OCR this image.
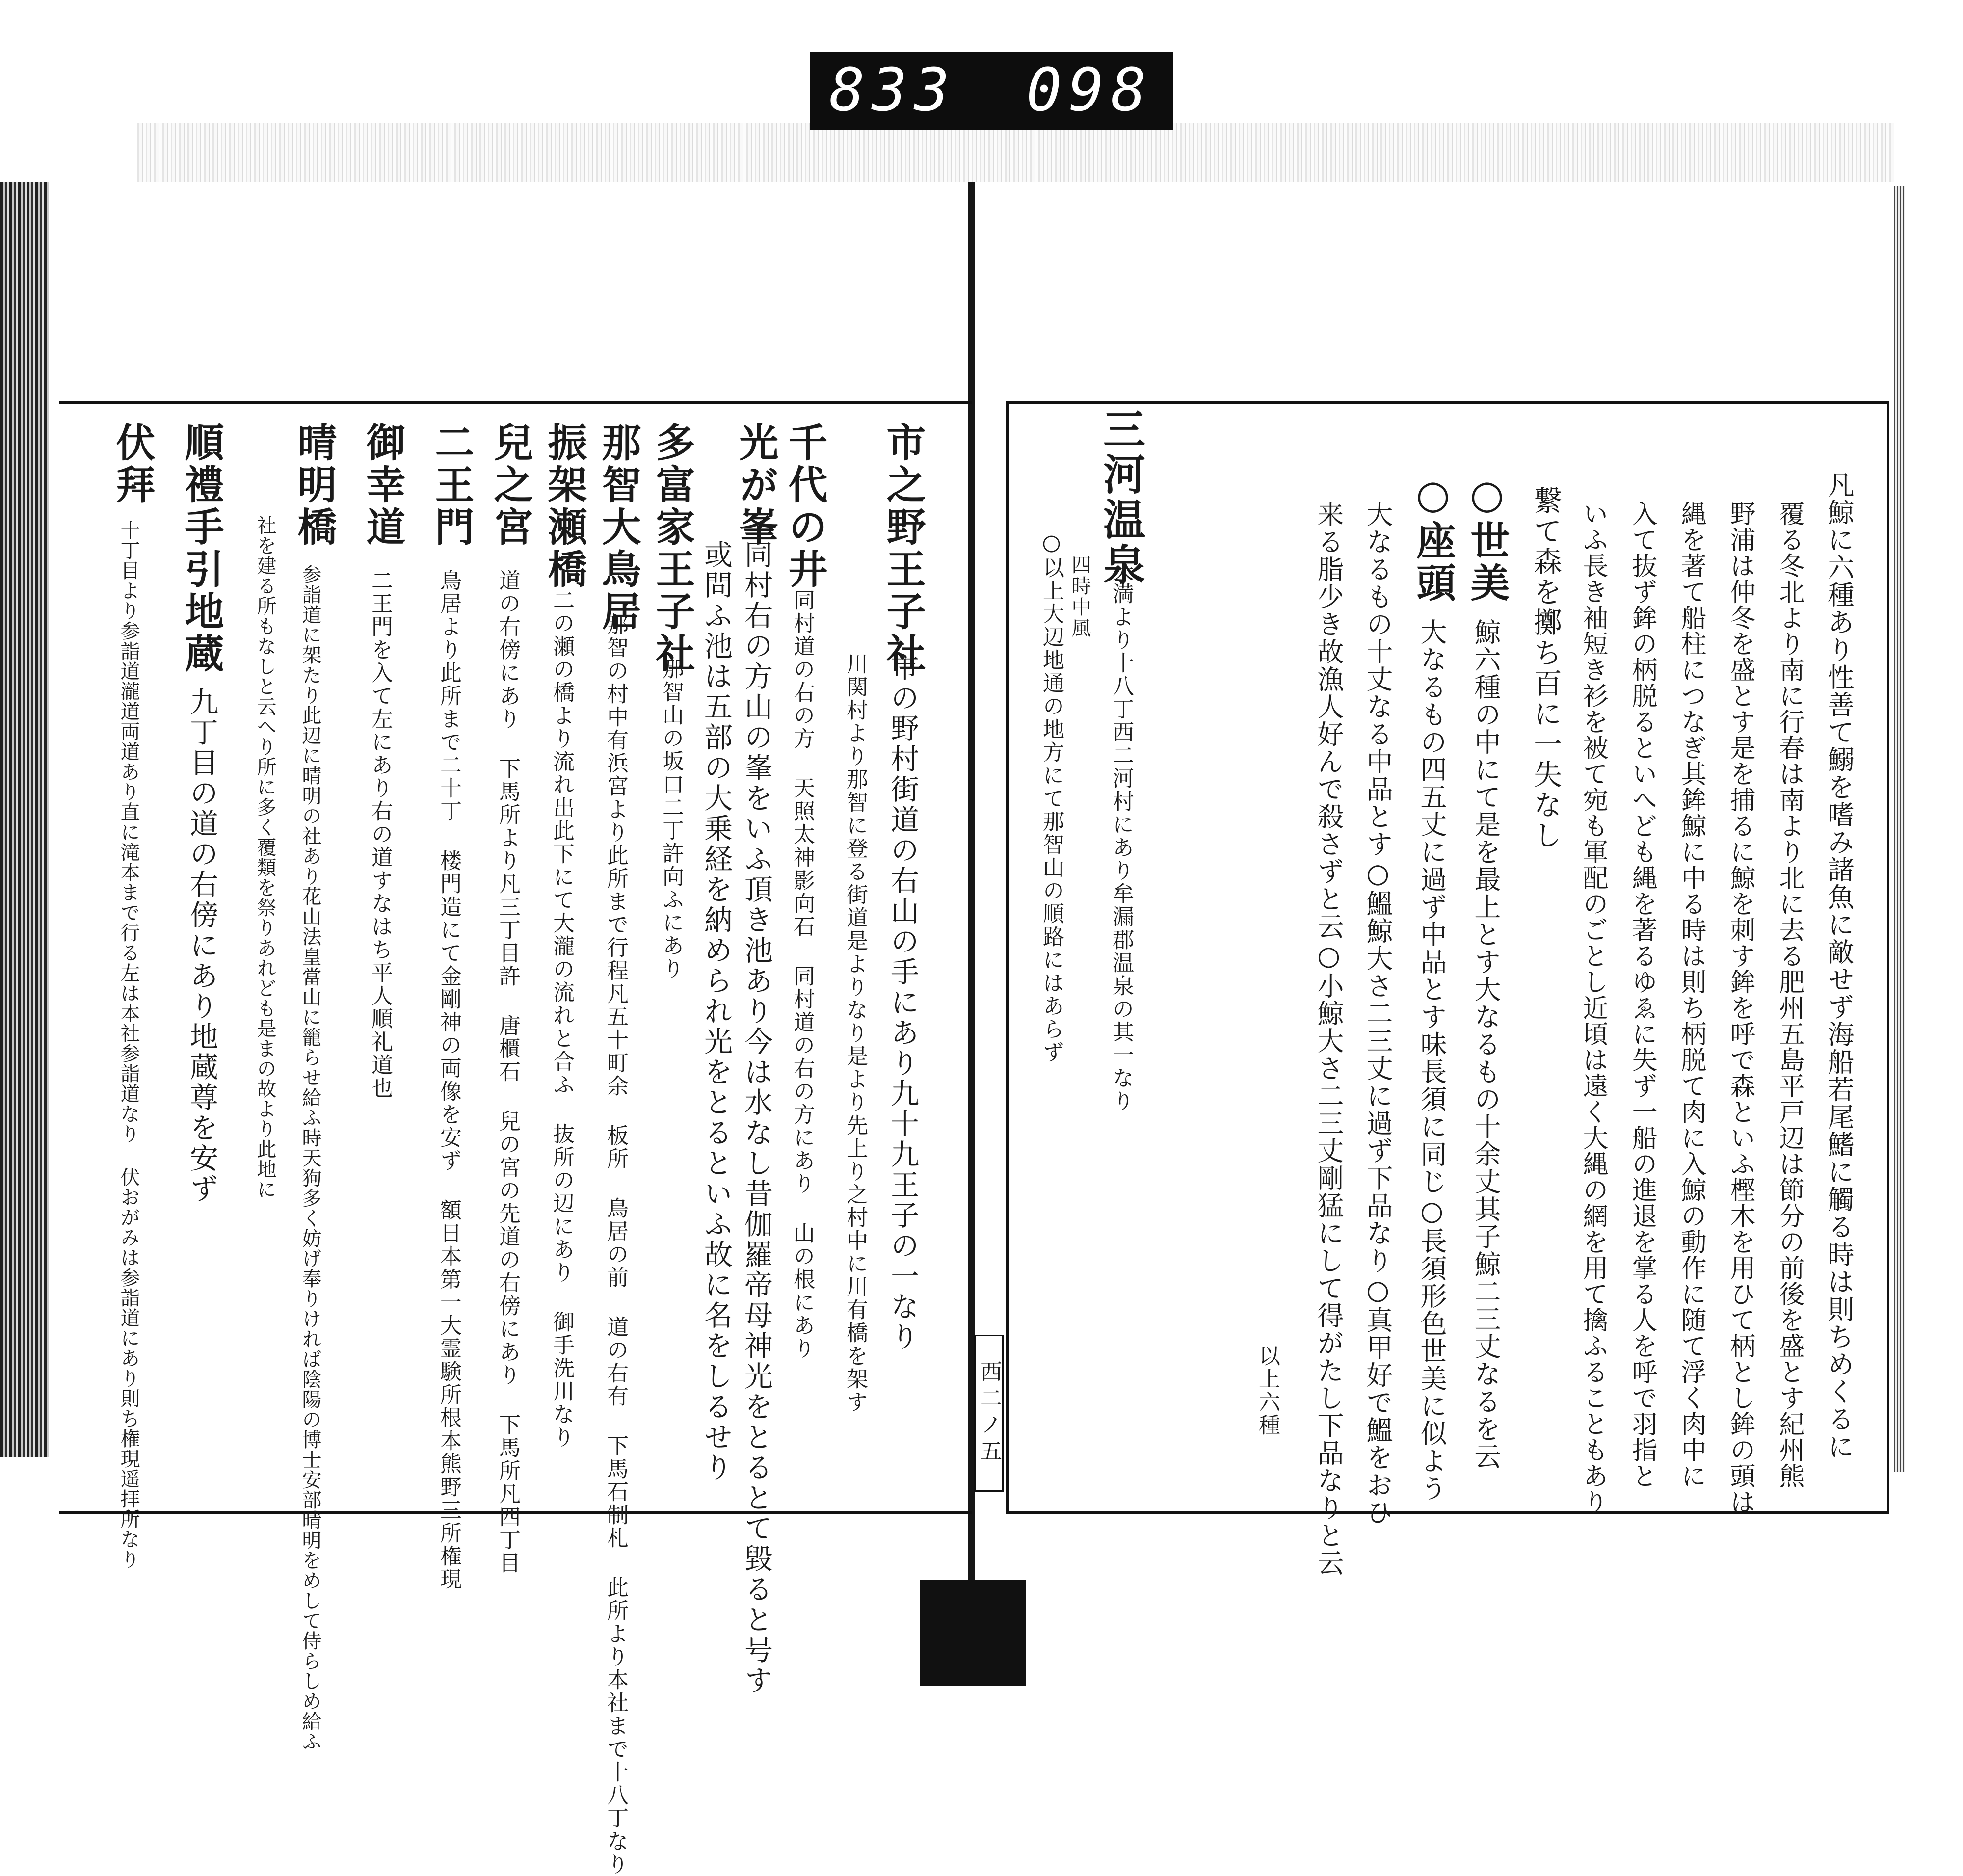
833 098
市之野王子社
市の野村街道の右山の手にあり九十九王子の一なり
川関村より那智に登る街道是よりなり是より先上り之村中に川有橋を架す
千代の井
同村道の右の方 天照太神影向石 同村道の右の方にあり 山の根にあり
光が峯
同村右の方山の峯をいふ頂き池あり今は水なし昔伽羅帝母神光をとるとて毀ると号す
或問ふ池は五部の大乗経を納められ光をとるといふ故に名をしるせり
多富家王子社
那智山の坂口二丁許向ふにあり
那智大鳥居
那智の村中有浜宮より此所まで行程凡五十町余 板所 鳥居の前 道の右有 下馬石制札 此所より本社まで十八丁なり
振架瀬橋
二の瀬の橋より流れ出此下にて大瀧の流れと合ふ 抜所の辺にあり 御手洗川なり
兒之宮
道の右傍にあり 下馬所より凡三丁目許 唐櫃石 兒の宮の先道の右傍にあり 下馬所凡四丁目
二王門
鳥居より此所まで二十丁 楼門造にて金剛神の両像を安ず 額日本第一大霊験所根本熊野三所権現
御幸道
二王門を入て左にあり右の道すなはち平人順礼道也
晴明橋
参詣道に架たり此辺に晴明の社あり花山法皇當山に籠らせ給ふ時天狗多く妨げ奉りければ陰陽の博士安部晴明をめして侍らしめ給ふ
社を建る所もなしと云へり所に多く覆類を祭りあれども是まの故より此地に
順禮手引地蔵
九丁目の道の右傍にあり地蔵尊を安ず
伏拜
十丁目より参詣道瀧道両道あり直に滝本まで行る左は本社参詣道なり 伏おがみは参詣道にあり則ち権現遥拝所なり	凡鯨に六種あり性善て鰯を嗜み諸魚に敵せず海船若尾鰭に觸る時は則ちめくるに
覆る冬北より南に行春は南より北に去る肥州五島平戸辺は節分の前後を盛とす紀州熊
野浦は仲冬を盛とす是を捕るに鯨を刺す鉾を呼で森といふ樫木を用ひて柄とし鉾の頭は
縄を著て船柱につなぎ其鉾鯨に中る時は則ち柄脱て肉に入鯨の動作に随て浮く肉中に
入て抜ず鉾の柄脱るといへども縄を著るゆゑに失ず一船の進退を掌る人を呼で羽指と
いふ長き袖短き衫を被て宛も軍配のごとし近頃は遠く大縄の網を用て擒ふることもあり
繋て森を擲ち百に一失なし
○世美
鯨六種の中にて是を最上とす大なるもの十余丈其子鯨二三丈なるを云
○座頭
大なるもの四五丈に過ず中品とす味長須に同じ○長須形色世美に似よう
大なるもの十丈なる中品とす○鰮鯨大さ二三丈に過ず下品なり○真甲好で鰮をおひ
来る脂少き故漁人好んで殺さずと云○小鯨大さ二三丈剛猛にして得がたし下品なりと云
以上六種
三河温泉
天満より十八丁西二河村にあり牟漏郡温泉の其一なり
四時中風
○以上大辺地通の地方にて那智山の順路にはあらず
西二ノ五
